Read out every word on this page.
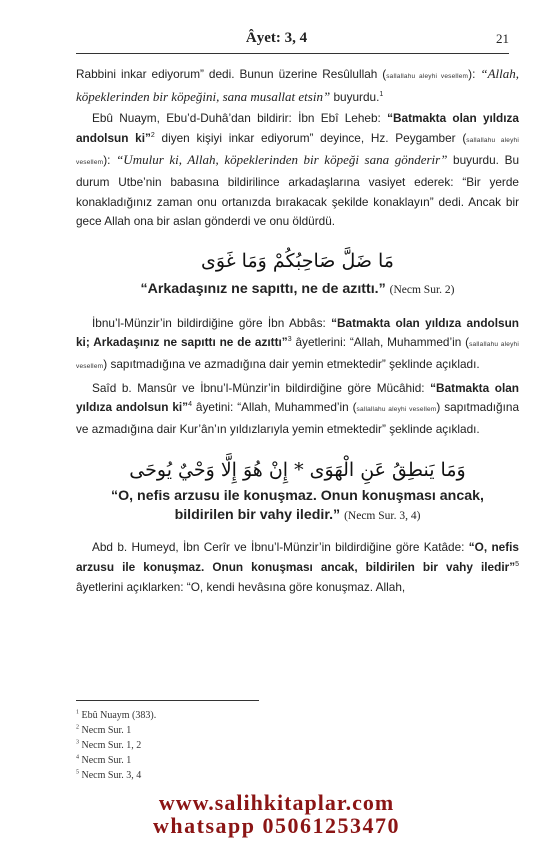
Âyet: 3, 4	21

Rabbini inkar ediyorum” dedi. Bunun üzerine Resûlullah (sallallahu aleyhi vesellem): “Allah, köpeklerinden bir köpeğini, sana musallat etsin” buyurdu.$^1$

Ebû Nuaym, Ebu’d-Duhâ’dan bildirir: İbn Ebî Leheb: “Batmakta olan yıldıza andolsun ki”$^2$ diyen kişiyi inkar ediyorum” deyince, Hz. Peygamber (sallallahu aleyhi vesellem): “Umulur ki, Allah, köpeklerinden bir köpeği sana gönderir” buyurdu. Bu durum Utbe’nin babasına bildirilince arkadaşlarına vasiyet ederek: “Bir yerde konakladığınız zaman onu ortanızda bırakacak şekilde konaklayın” dedi. Ancak bir gece Allah ona bir aslan gönderdi ve onu öldürdü.

مَا ضَلَّ صَاحِبُكُمْ وَمَا غَوَى
“Arkadaşınız ne sapıttı, ne de azıttı.” (Necm Sur. 2)

İbnu’l-Münzir’in bildirdiğine göre İbn Abbâs: “Batmakta olan yıldıza andolsun ki; Arkadaşınız ne sapıttı ne de azıttı”$^3$ âyetlerini: “Allah, Muhammed’in (sallallahu aleyhi vesellem) sapıtmadığına ve azmadığına dair yemin etmektedir” şeklinde açıkladı.

Saîd b. Mansûr ve İbnu’l-Münzir’in bildirdiğine göre Mücâhid: “Batmakta olan yıldıza andolsun ki”$^4$ âyetini: “Allah, Muhammed’in (sallallahu aleyhi vesellem) sapıtmadığına ve azmadığına dair Kur’ân’ın yıldızlarıyla yemin etmektedir” şeklinde açıkladı.

وَمَا يَنطِقُ عَنِ الْهَوَى * إِنْ هُوَ إِلَّا وَحْيٌ يُوحَى
“O, nefis arzusu ile konuşmaz. Onun konuşması ancak,
bildirilen bir vahy iledir.” (Necm Sur. 3, 4)

Abd b. Humeyd, İbn Cerîr ve İbnu’l-Münzir’in bildirdiğine göre Katâde: “O, nefis arzusu ile konuşmaz. Onun konuşması ancak, bildirilen bir vahy iledir”$^5$ âyetlerini açıklarken: “O, kendi hevâsına göre konuşmaz. Allah,

$^1$ Ebû Nuaym (383).
$^2$ Necm Sur. 1
$^3$ Necm Sur. 1, 2
$^4$ Necm Sur. 1
$^5$ Necm Sur. 3, 4
www.salihkitaplar.com
whatsapp 05061253470
